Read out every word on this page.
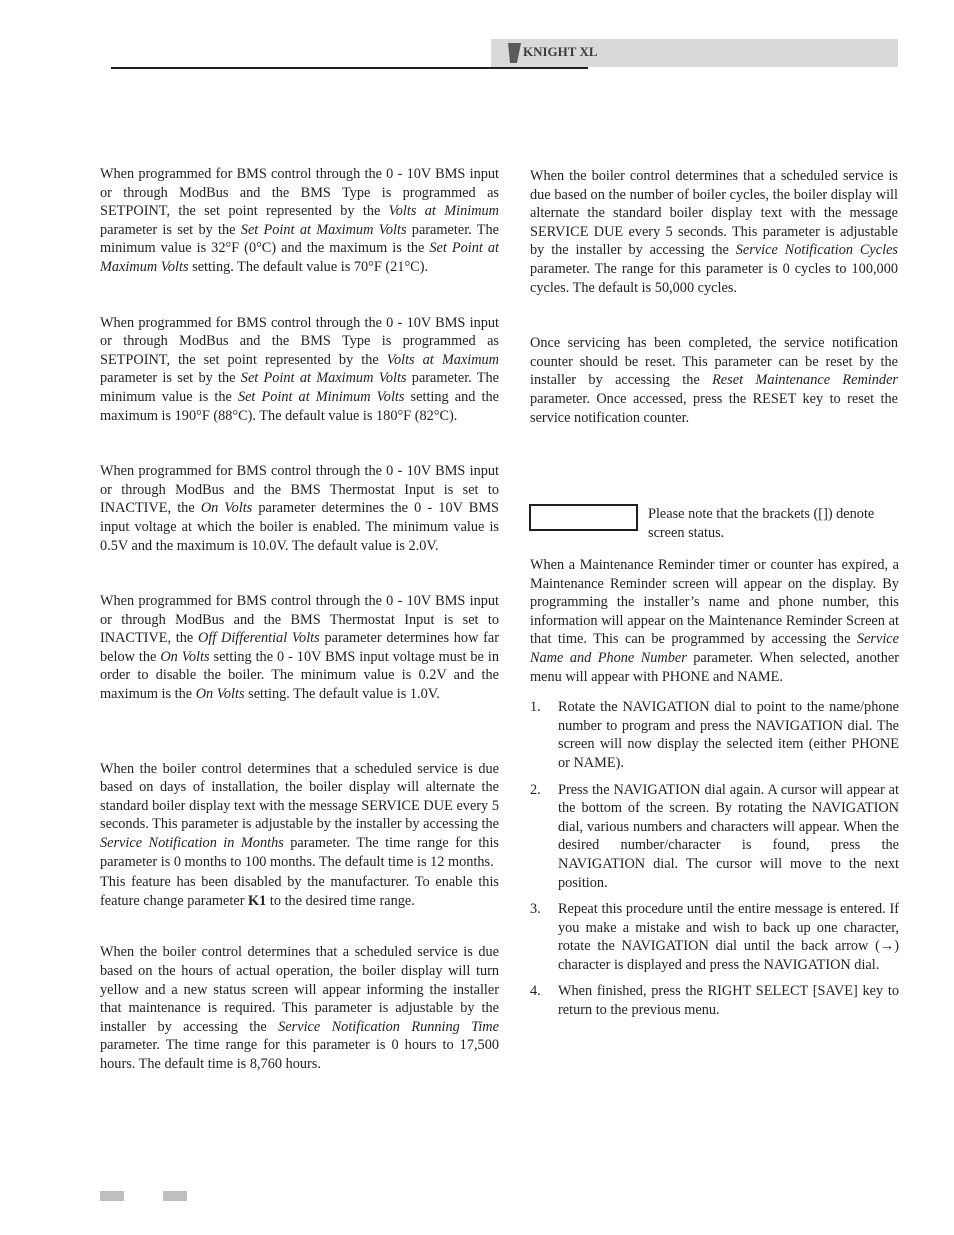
KNIGHT XL

When programmed for BMS control through the 0 - 10V BMS input or through ModBus and the BMS Type is programmed as SETPOINT, the set point represented by the Volts at Minimum parameter is set by the Set Point at Maximum Volts parameter. The minimum value is 32°F (0°C) and the maximum is the Set Point at Maximum Volts setting. The default value is 70°F (21°C).

When programmed for BMS control through the 0 - 10V BMS input or through ModBus and the BMS Type is programmed as SETPOINT, the set point represented by the Volts at Maximum parameter is set by the Set Point at Maximum Volts parameter. The minimum value is the Set Point at Minimum Volts setting and the maximum is 190°F (88°C). The default value is 180°F (82°C).

When programmed for BMS control through the 0 - 10V BMS input or through ModBus and the BMS Thermostat Input is set to INACTIVE, the On Volts parameter determines the 0 - 10V BMS input voltage at which the boiler is enabled. The minimum value is 0.5V and the maximum is 10.0V. The default value is 2.0V.

When programmed for BMS control through the 0 - 10V BMS input or through ModBus and the BMS Thermostat Input is set to INACTIVE, the Off Differential Volts parameter determines how far below the On Volts setting the 0 - 10V BMS input voltage must be in order to disable the boiler. The minimum value is 0.2V and the maximum is the On Volts setting. The default value is 1.0V.

When the boiler control determines that a scheduled service is due based on days of installation, the boiler display will alternate the standard boiler display text with the message SERVICE DUE every 5 seconds. This parameter is adjustable by the installer by accessing the Service Notification in Months parameter. The time range for this parameter is 0 months to 100 months. The default time is 12 months.

This feature has been disabled by the manufacturer. To enable this feature change parameter K1 to the desired time range.

When the boiler control determines that a scheduled service is due based on the hours of actual operation, the boiler display will turn yellow and a new status screen will appear informing the installer that maintenance is required. This parameter is adjustable by the installer by accessing the Service Notification Running Time parameter. The time range for this parameter is 0 hours to 17,500 hours. The default time is 8,760 hours.

When the boiler control determines that a scheduled service is due based on the number of boiler cycles, the boiler display will alternate the standard boiler display text with the message SERVICE DUE every 5 seconds. This parameter is adjustable by the installer by accessing the Service Notification Cycles parameter. The range for this parameter is 0 cycles to 100,000 cycles. The default is 50,000 cycles.

Once servicing has been completed, the service notification counter should be reset. This parameter can be reset by the installer by accessing the Reset Maintenance Reminder parameter. Once accessed, press the RESET key to reset the service notification counter.

Please note that the brackets ([]) denote screen status.

When a Maintenance Reminder timer or counter has expired, a Maintenance Reminder screen will appear on the display. By programming the installer’s name and phone number, this information will appear on the Maintenance Reminder Screen at that time. This can be programmed by accessing the Service Name and Phone Number parameter. When selected, another menu will appear with PHONE and NAME.

1. Rotate the NAVIGATION dial to point to the name/phone number to program and press the NAVIGATION dial. The screen will now display the selected item (either PHONE or NAME).

2. Press the NAVIGATION dial again. A cursor will appear at the bottom of the screen. By rotating the NAVIGATION dial, various numbers and characters will appear. When the desired number/character is found, press the NAVIGATION dial. The cursor will move to the next position.

3. Repeat this procedure until the entire message is entered. If you make a mistake and wish to back up one character, rotate the NAVIGATION dial until the back arrow (→) character is displayed and press the NAVIGATION dial.

4. When finished, press the RIGHT SELECT [SAVE] key to return to the previous menu.
